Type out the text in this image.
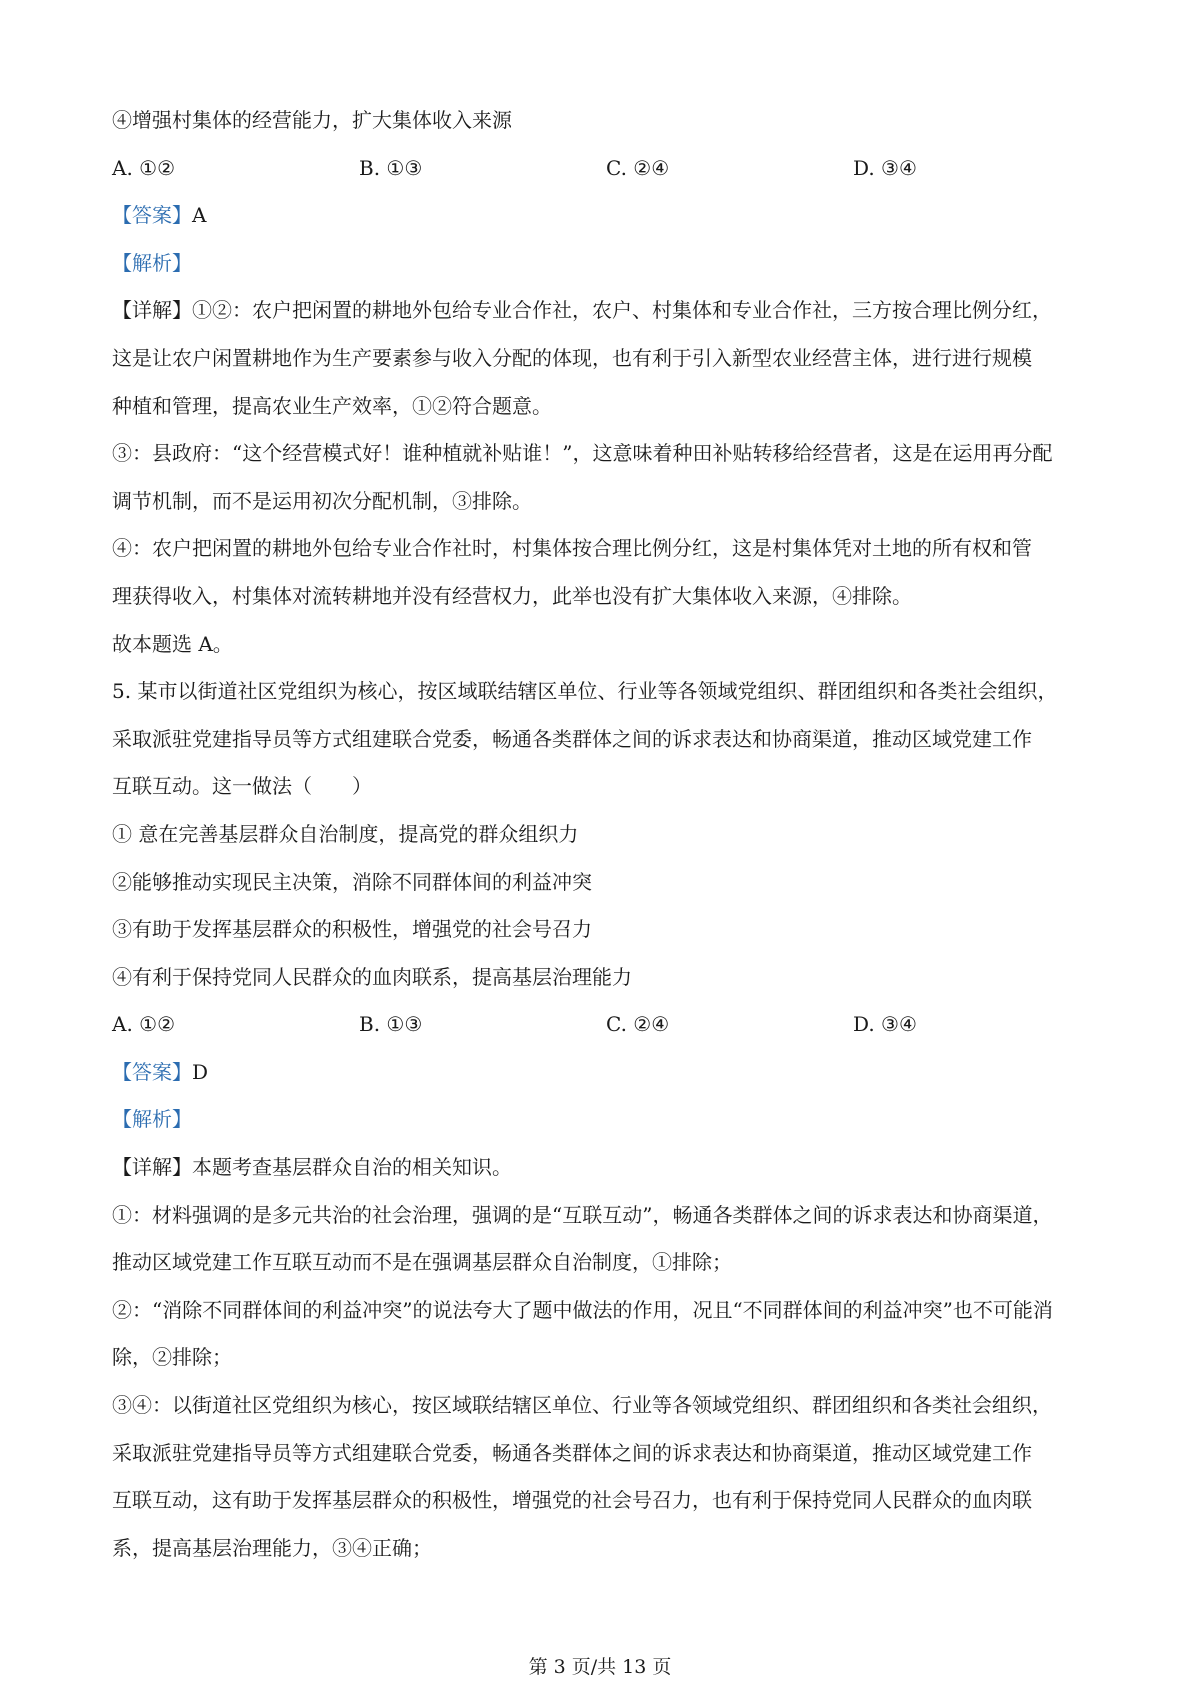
④增强村集体的经营能力，扩大集体收入来源
A. ①②	B. ①③	C. ②④	D. ③④
【答案】A
【解析】
【详解】①②：农户把闲置的耕地外包给专业合作社，农户、村集体和专业合作社，三方按合理比例分红，
这是让农户闲置耕地作为生产要素参与收入分配的体现，也有利于引入新型农业经营主体，进行进行规模
种植和管理，提高农业生产效率，①②符合题意。
③：县政府：“这个经营模式好！谁种植就补贴谁！”，这意味着种田补贴转移给经营者，这是在运用再分配
调节机制，而不是运用初次分配机制，③排除。
④：农户把闲置的耕地外包给专业合作社时，村集体按合理比例分红，这是村集体凭对土地的所有权和管
理获得收入，村集体对流转耕地并没有经营权力，此举也没有扩大集体收入来源，④排除。
故本题选 A。
5. 某市以街道社区党组织为核心，按区域联结辖区单位、行业等各领域党组织、群团组织和各类社会组织，
采取派驻党建指导员等方式组建联合党委，畅通各类群体之间的诉求表达和协商渠道，推动区域党建工作
互联互动。这一做法（　　）
① 意在完善基层群众自治制度，提高党的群众组织力
②能够推动实现民主决策，消除不同群体间的利益冲突
③有助于发挥基层群众的积极性，增强党的社会号召力
④有利于保持党同人民群众的血肉联系，提高基层治理能力
A. ①②	B. ①③	C. ②④	D. ③④
【答案】D
【解析】
【详解】本题考查基层群众自治的相关知识。
①：材料强调的是多元共治的社会治理，强调的是“互联互动”，畅通各类群体之间的诉求表达和协商渠道，
推动区域党建工作互联互动而不是在强调基层群众自治制度，①排除；
②：“消除不同群体间的利益冲突”的说法夸大了题中做法的作用，况且“不同群体间的利益冲突”也不可能消
除，②排除；
③④：以街道社区党组织为核心，按区域联结辖区单位、行业等各领域党组织、群团组织和各类社会组织，
采取派驻党建指导员等方式组建联合党委，畅通各类群体之间的诉求表达和协商渠道，推动区域党建工作
互联互动，这有助于发挥基层群众的积极性，增强党的社会号召力，也有利于保持党同人民群众的血肉联
系，提高基层治理能力，③④正确；
第 3 页/共 13 页
